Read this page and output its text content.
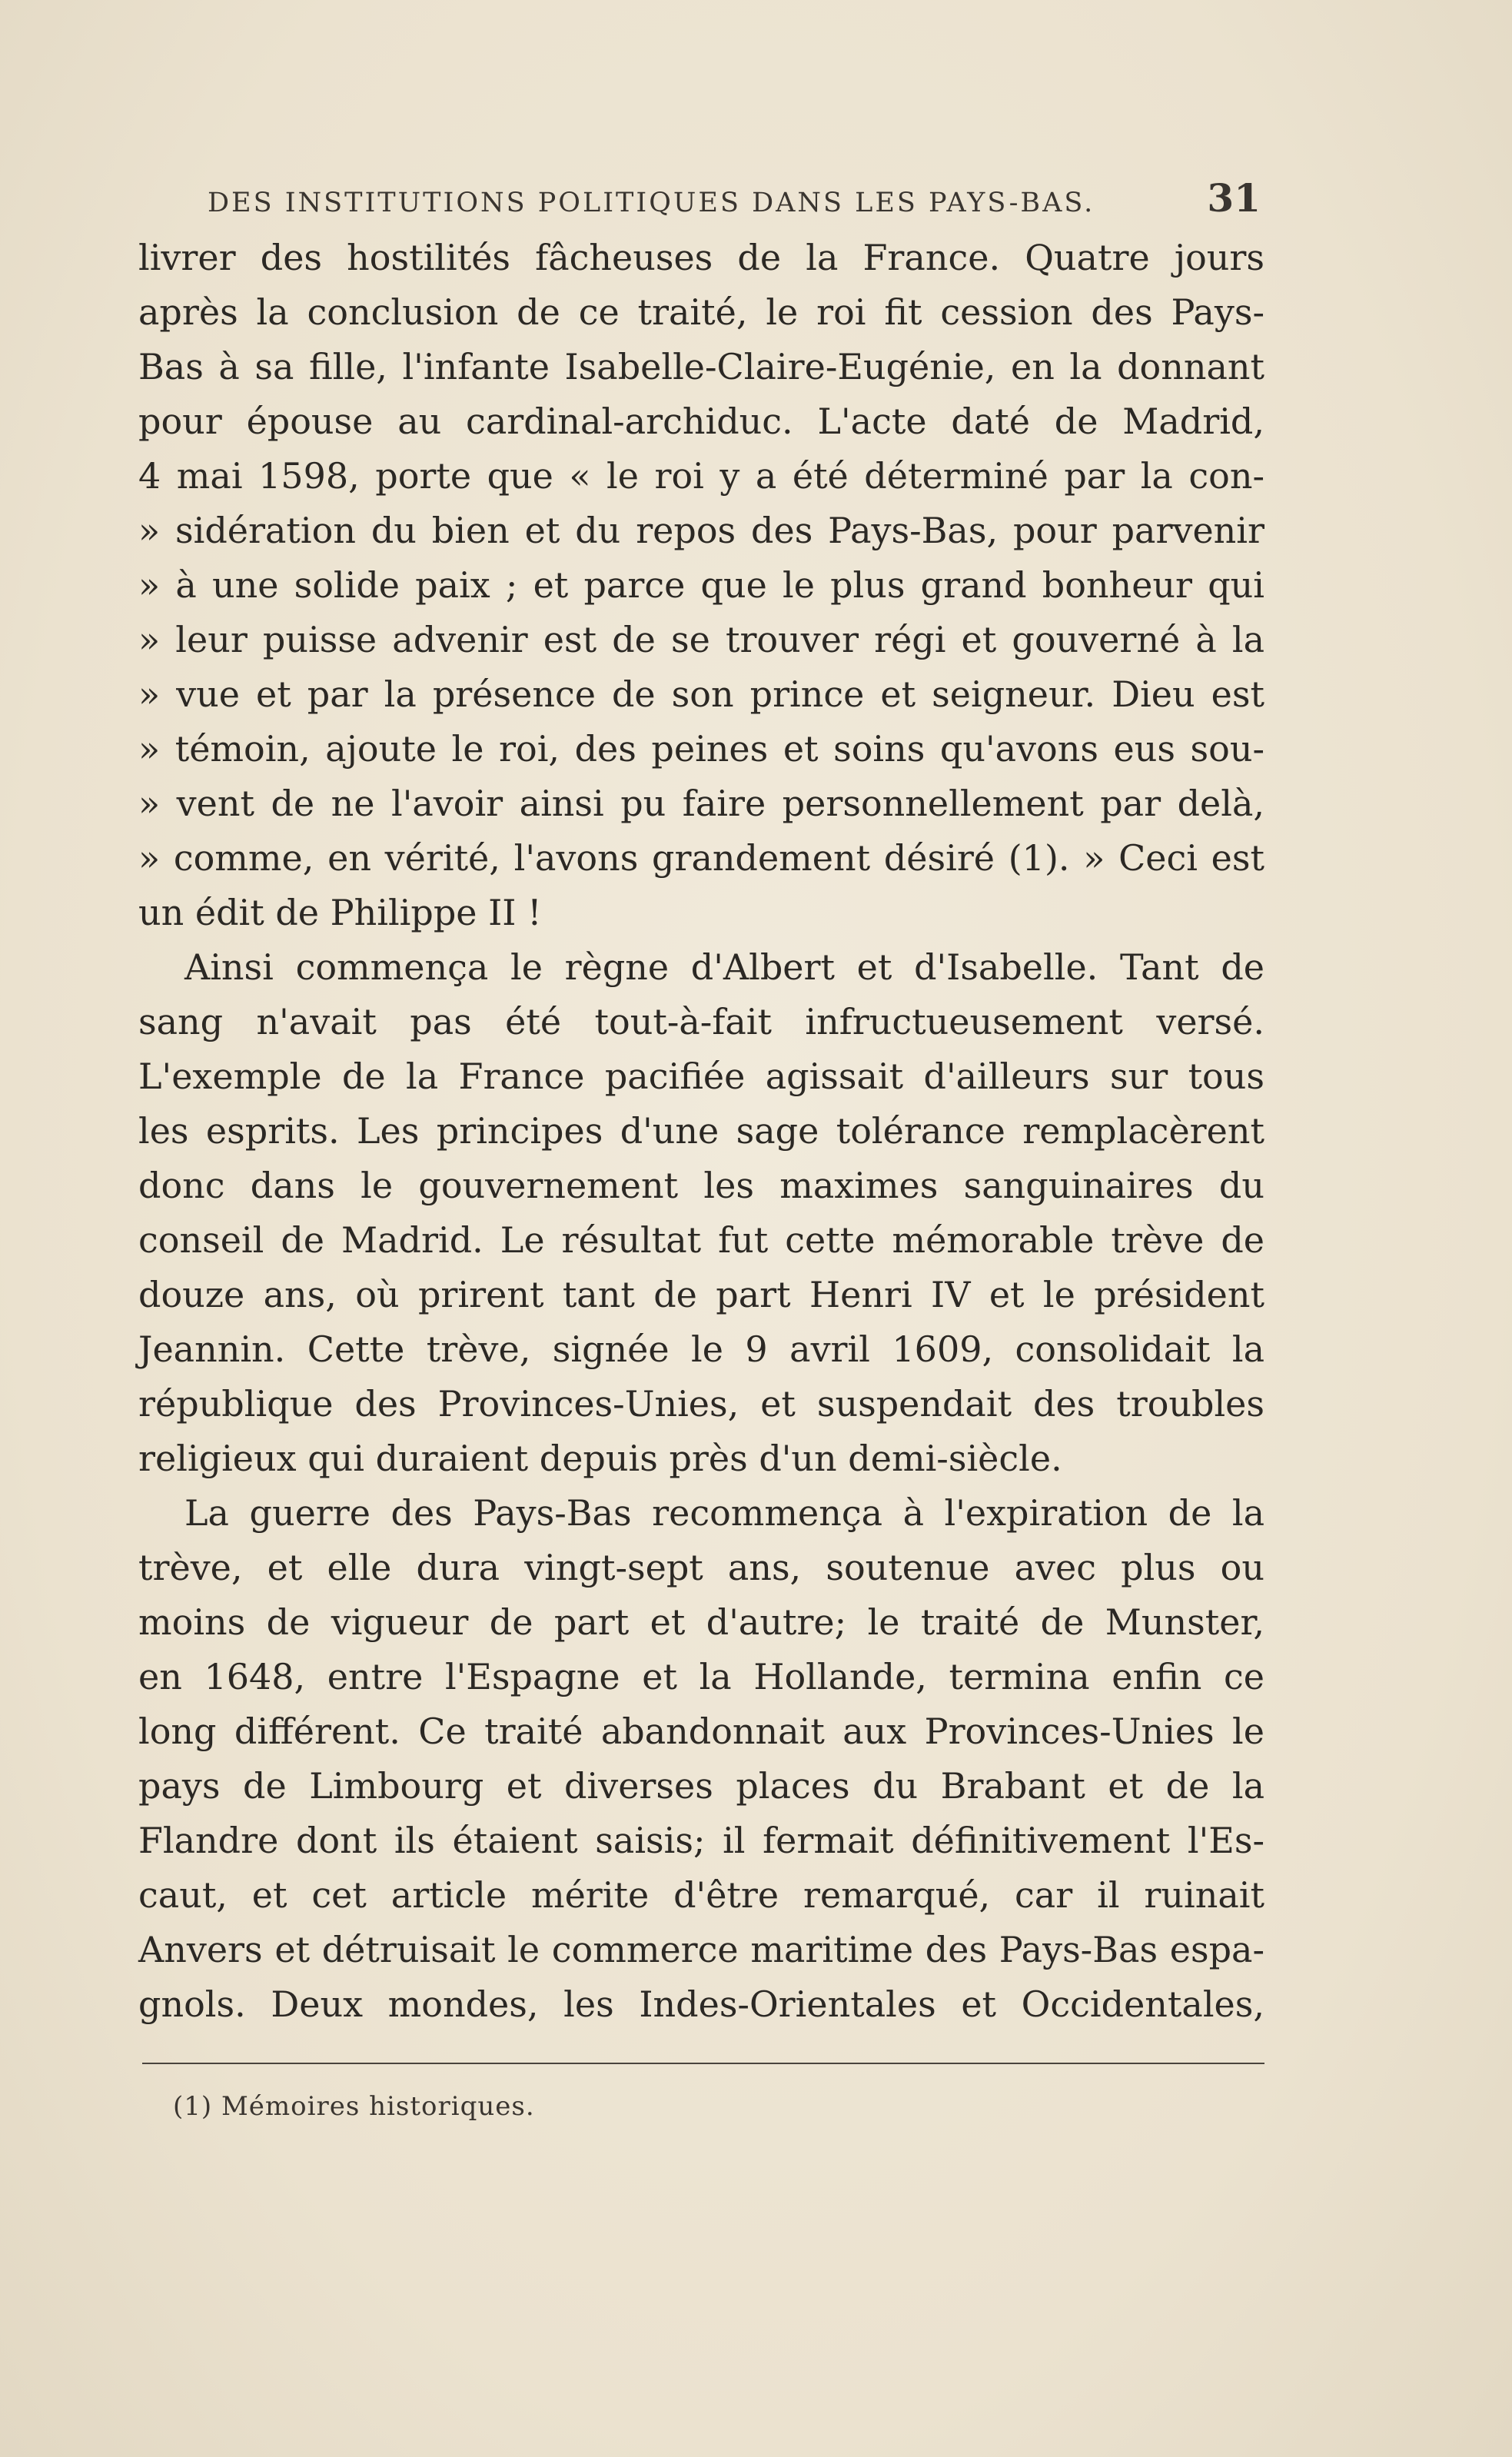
DES INSTITUTIONS POLITIQUES DANS LES PAYS-BAS.	31
livrer des hostilités fâcheuses de la France. Quatre jours
après la conclusion de ce traité, le roi fit cession des Pays-
Bas à sa fille, l'infante Isabelle-Claire-Eugénie, en la donnant
pour épouse au cardinal-archiduc. L'acte daté de Madrid,
4 mai 1598, porte que « le roi y a été déterminé par la con-
» sidération du bien et du repos des Pays-Bas, pour parvenir
» à une solide paix ; et parce que le plus grand bonheur qui
» leur puisse advenir est de se trouver régi et gouverné à la
» vue et par la présence de son prince et seigneur. Dieu est
» témoin, ajoute le roi, des peines et soins qu'avons eus sou-
» vent de ne l'avoir ainsi pu faire personnellement par delà,
» comme, en vérité, l'avons grandement désiré (1). » Ceci est
un édit de Philippe II !
Ainsi commença le règne d'Albert et d'Isabelle. Tant de
sang n'avait pas été tout-à-fait infructueusement versé.
L'exemple de la France pacifiée agissait d'ailleurs sur tous
les esprits. Les principes d'une sage tolérance remplacèrent
donc dans le gouvernement les maximes sanguinaires du
conseil de Madrid. Le résultat fut cette mémorable trève de
douze ans, où prirent tant de part Henri IV et le président
Jeannin. Cette trève, signée le 9 avril 1609, consolidait la
république des Provinces-Unies, et suspendait des troubles
religieux qui duraient depuis près d'un demi-siècle.
La guerre des Pays-Bas recommença à l'expiration de la
trève, et elle dura vingt-sept ans, soutenue avec plus ou
moins de vigueur de part et d'autre; le traité de Munster,
en 1648, entre l'Espagne et la Hollande, termina enfin ce
long différent. Ce traité abandonnait aux Provinces-Unies le
pays de Limbourg et diverses places du Brabant et de la
Flandre dont ils étaient saisis; il fermait définitivement l'Es-
caut, et cet article mérite d'être remarqué, car il ruinait
Anvers et détruisait le commerce maritime des Pays-Bas espa-
gnols. Deux mondes, les Indes-Orientales et Occidentales,
(1) Mémoires historiques.
